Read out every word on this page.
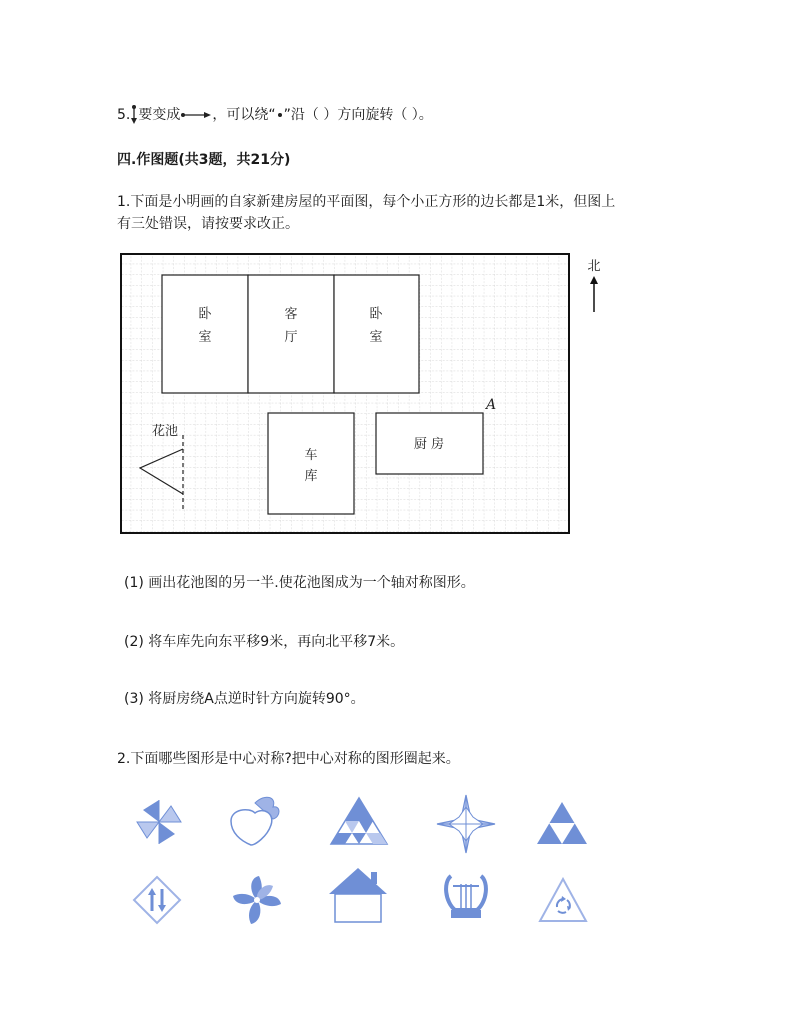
5. 要变成 ，可以绕“ ”沿（ ）方向旋转（ ）。
四.作图题(共3题，共21分)
1.下面是小明画的自家新建房屋的平面图，每个小正方形的边长都是1米，但图上
有三处错误，请按要求改正。
卧
室
客
厅
卧
室
车
库
厨 房
花池
A
北
(1) 画出花池图的另一半.使花池图成为一个轴对称图形。
(2) 将车库先向东平移9米，再向北平移7米。
(3) 将厨房绕A点逆时针方向旋转90°。
2.下面哪些图形是中心对称?把中心对称的图形圈起来。
